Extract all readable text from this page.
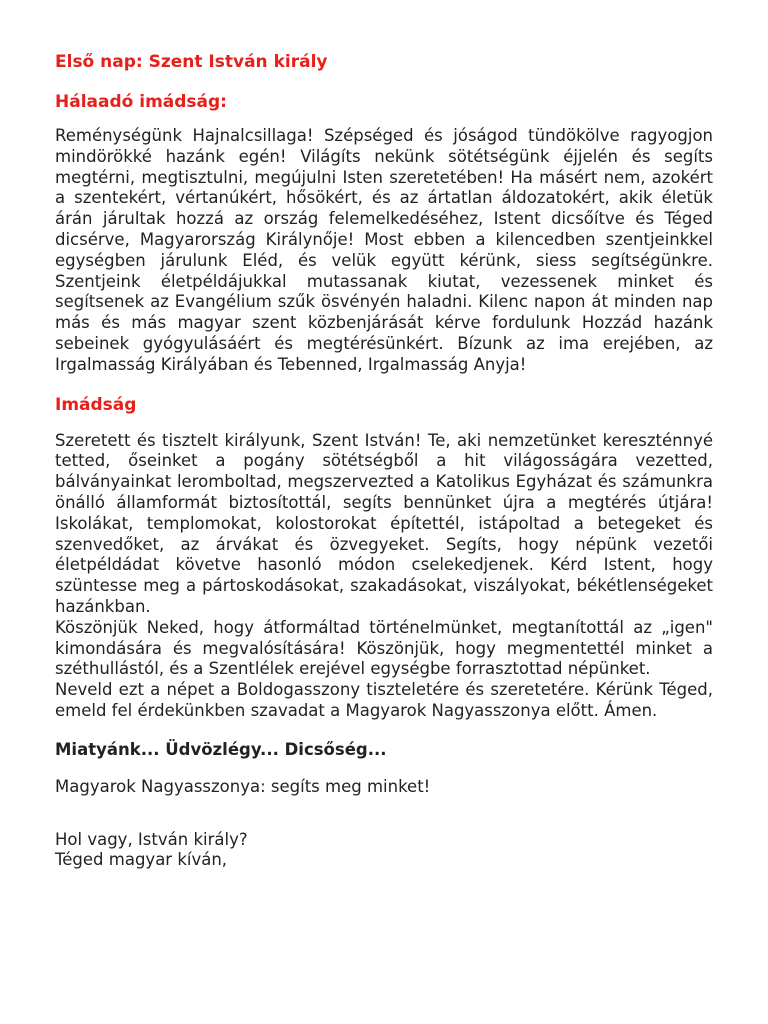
Első nap: Szent István király

Hálaadó imádság:

Reménységünk Hajnalcsillaga! Szépséged és jóságod tündökölve ragyogjon mindörökké hazánk egén! Világíts nekünk sötétségünk éjjelén és segíts megtérni, megtisztulni, megújulni Isten szeretetében! Ha másért nem, azokért a szentekért, vértanúkért, hősökért, és az ártatlan áldozatokért, akik életük árán járultak hozzá az ország felemelkedéséhez, Istent dicsőítve és Téged dicsérve, Magyarország Királynője! Most ebben a kilencedben szentjeinkkel egységben járulunk Eléd, és velük együtt kérünk, siess segítségünkre. Szentjeink életpéldájukkal mutassanak kiutat, vezessenek minket és segítsenek az Evangélium szűk ösvényén haladni. Kilenc napon át minden nap más és más magyar szent közbenjárását kérve fordulunk Hozzád hazánk sebeinek gyógyulásáért és megtérésünkért. Bízunk az ima erejében, az Irgalmasság Királyában és Tebenned, Irgalmasság Anyja!

Imádság

Szeretett és tisztelt királyunk, Szent István! Te, aki nemzetünket kereszténnyé tetted, őseinket a pogány sötétségből a hit világosságára vezetted, bálványainkat leromboltad, megszervezted a Katolikus Egyházat és számunkra önálló államformát biztosítottál, segíts bennünket újra a megtérés útjára! Iskolákat, templomokat, kolostorokat építettél, istápoltad a betegeket és szenvedőket, az árvákat és özvegyeket. Segíts, hogy népünk vezetői életpéldádat követve hasonló módon cselekedjenek. Kérd Istent, hogy szüntesse meg a pártoskodásokat, szakadásokat, viszályokat, békétlenségeket hazánkban.

Köszönjük Neked, hogy átformáltad történelmünket, megtanítottál az „igen" kimondására és megvalósítására! Köszönjük, hogy megmentettél minket a széthullástól, és a Szentlélek erejével egységbe forrasztottad népünket.

Neveld ezt a népet a Boldogasszony tiszteletére és szeretetére. Kérünk Téged, emeld fel érdekünkben szavadat a Magyarok Nagyasszonya előtt. Ámen.

Miatyánk... Üdvözlégy... Dicsőség...

Magyarok Nagyasszonya: segíts meg minket!

Hol vagy, István király?

Téged magyar kíván,
